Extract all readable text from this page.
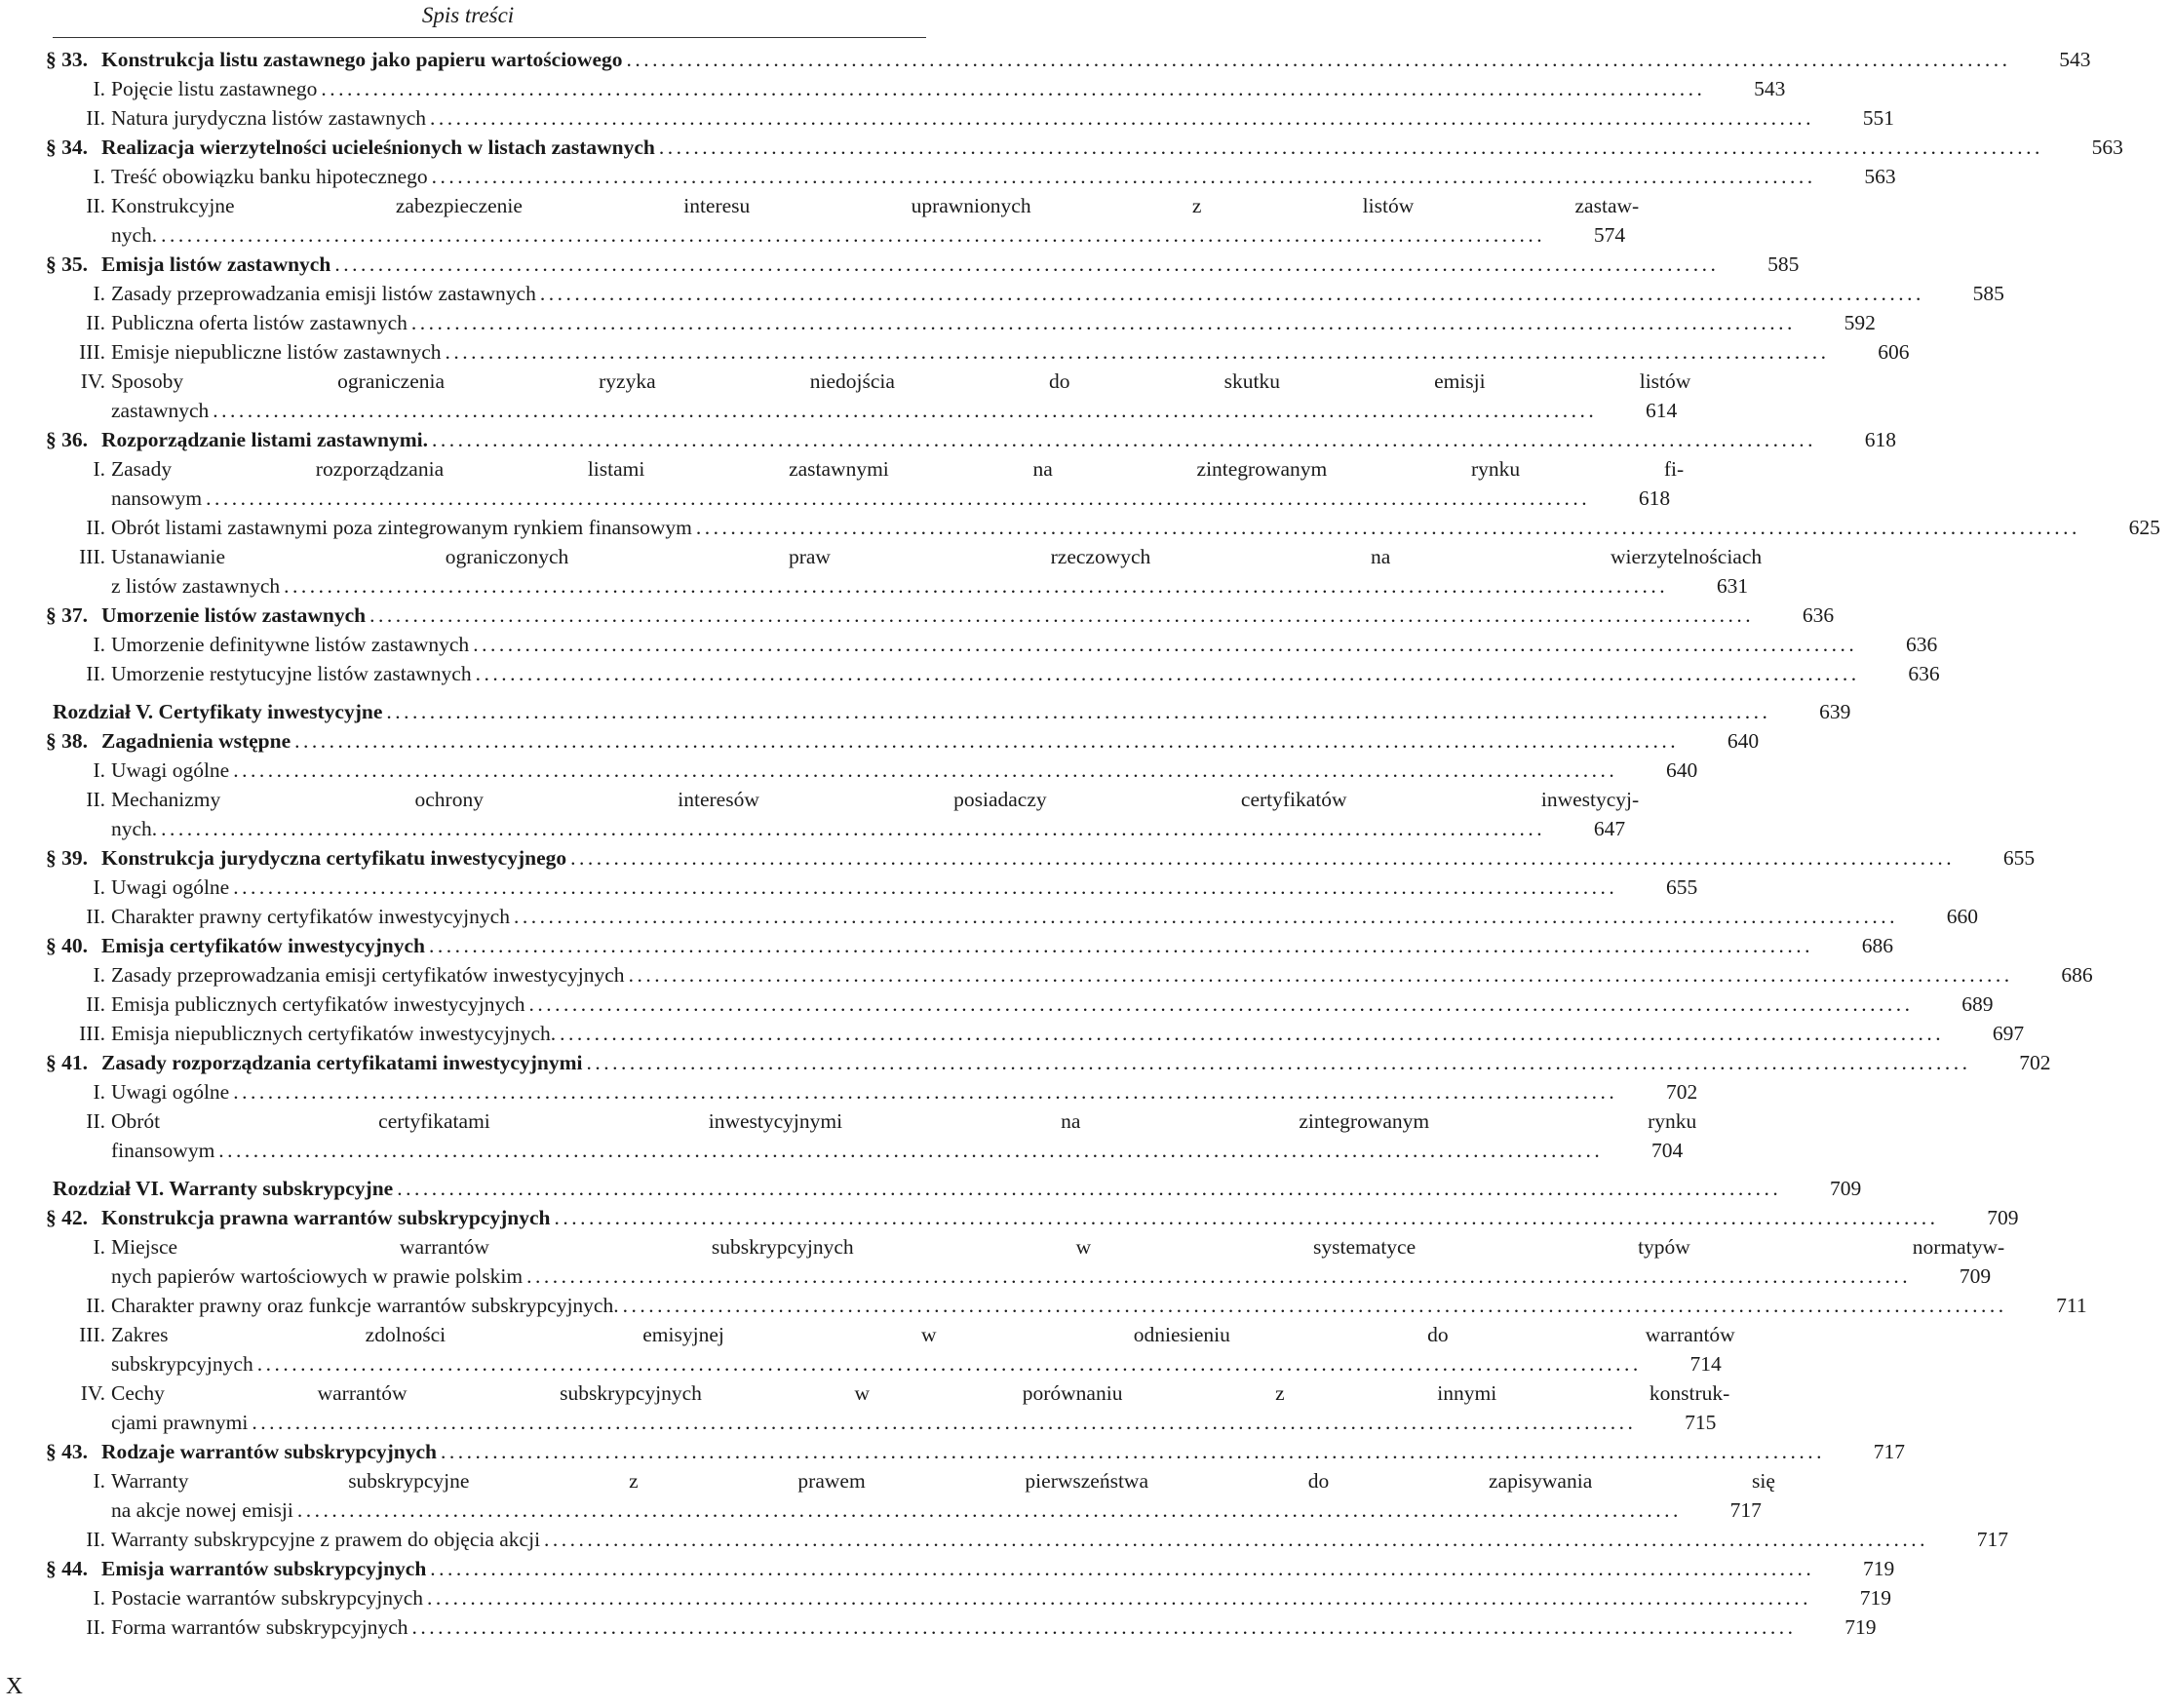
Spis treści
§ 33. Konstrukcja listu zastawnego jako papieru wartościowego .....	543
I. Pojęcie listu zastawnego .....	543
II. Natura jurydyczna listów zastawnych .....	551
§ 34. Realizacja wierzytelności ucieleśnionych w listach zastawnych .....	563
I. Treść obowiązku banku hipotecznego .....	563
II. Konstrukcyjne zabezpieczenie interesu uprawnionych z listów zastaw-
nych. .....	574
§ 35. Emisja listów zastawnych .....	585
I. Zasady przeprowadzania emisji listów zastawnych .....	585
II. Publiczna oferta listów zastawnych .....	592
III. Emisje niepubliczne listów zastawnych .....	606
IV. Sposoby ograniczenia ryzyka niedojścia do skutku emisji listów
zastawnych .....	614
§ 36. Rozporządzanie listami zastawnymi. .....	618
I. Zasady rozporządzania listami zastawnymi na zintegrowanym rynku fi-
nansowym .....	618
II. Obrót listami zastawnymi poza zintegrowanym rynkiem finansowym .....	625
III. Ustanawianie ograniczonych praw rzeczowych na wierzytelnościach
z listów zastawnych .....	631
§ 37. Umorzenie listów zastawnych .....	636
I. Umorzenie definitywne listów zastawnych .....	636
II. Umorzenie restytucyjne listów zastawnych .....	636
Rozdział V. Certyfikaty inwestycyjne .....	639
§ 38. Zagadnienia wstępne .....	640
I. Uwagi ogólne .....	640
II. Mechanizmy ochrony interesów posiadaczy certyfikatów inwestycyj-
nych. .....	647
§ 39. Konstrukcja jurydyczna certyfikatu inwestycyjnego .....	655
I. Uwagi ogólne .....	655
II. Charakter prawny certyfikatów inwestycyjnych .....	660
§ 40. Emisja certyfikatów inwestycyjnych .....	686
I. Zasady przeprowadzania emisji certyfikatów inwestycyjnych .....	686
II. Emisja publicznych certyfikatów inwestycyjnych .....	689
III. Emisja niepublicznych certyfikatów inwestycyjnych. .....	697
§ 41. Zasady rozporządzania certyfikatami inwestycyjnymi .....	702
I. Uwagi ogólne .....	702
II. Obrót certyfikatami inwestycyjnymi na zintegrowanym rynku
finansowym .....	704
Rozdział VI. Warranty subskrypcyjne .....	709
§ 42. Konstrukcja prawna warrantów subskrypcyjnych .....	709
I. Miejsce warrantów subskrypcyjnych w systematyce typów normatyw-
nych papierów wartościowych w prawie polskim .....	709
II. Charakter prawny oraz funkcje warrantów subskrypcyjnych. .....	711
III. Zakres zdolności emisyjnej w odniesieniu do warrantów
subskrypcyjnych .....	714
IV. Cechy warrantów subskrypcyjnych w porównaniu z innymi konstruk-
cjami prawnymi .....	715
§ 43. Rodzaje warrantów subskrypcyjnych .....	717
I. Warranty subskrypcyjne z prawem pierwszeństwa do zapisywania się
na akcje nowej emisji .....	717
II. Warranty subskrypcyjne z prawem do objęcia akcji .....	717
§ 44. Emisja warrantów subskrypcyjnych .....	719
I. Postacie warrantów subskrypcyjnych .....	719
II. Forma warrantów subskrypcyjnych .....	719
X
